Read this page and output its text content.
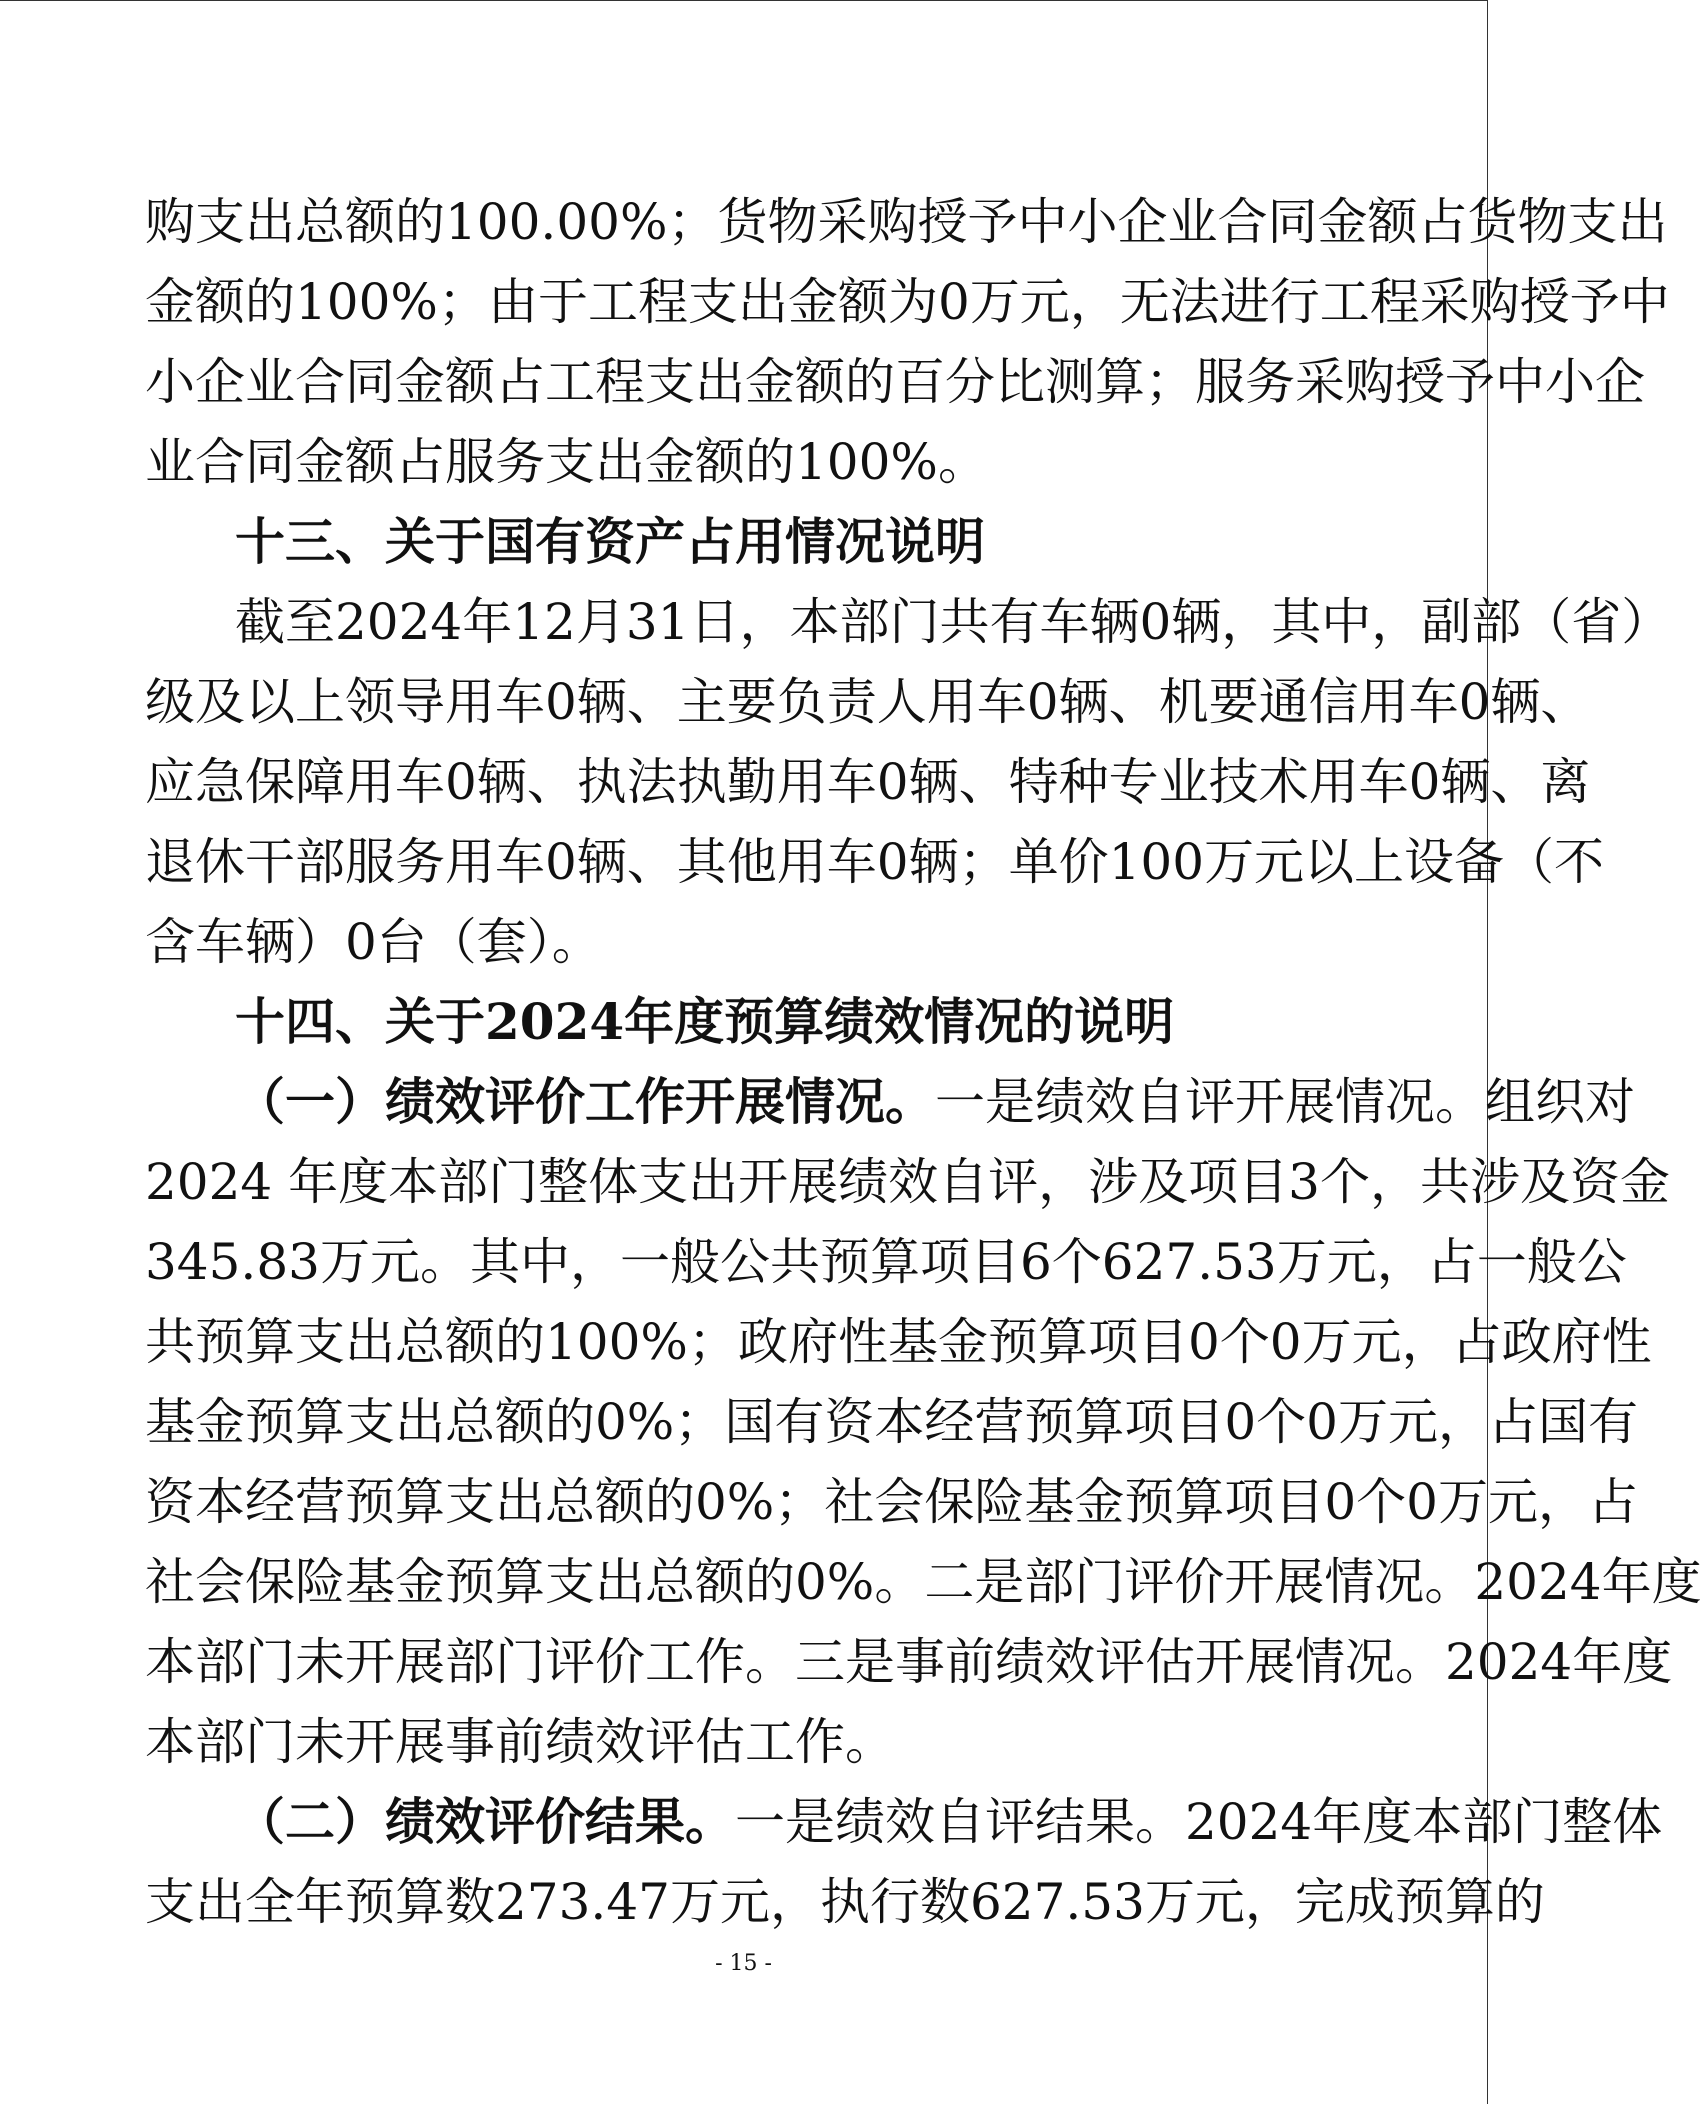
购支出总额的100.00%；货物采购授予中小企业合同金额占货物支出
金额的100%；由于工程支出金额为0万元，无法进行工程采购授予中
小企业合同金额占工程支出金额的百分比测算；服务采购授予中小企
业合同金额占服务支出金额的100%。
十三、关于国有资产占用情况说明
截至2024年12月31日，本部门共有车辆0辆，其中，副部（省）
级及以上领导用车0辆、主要负责人用车0辆、机要通信用车0辆、
应急保障用车0辆、执法执勤用车0辆、特种专业技术用车0辆、离
退休干部服务用车0辆、其他用车0辆；单价100万元以上设备（不
含车辆）0台（套）。
十四、关于2024年度预算绩效情况的说明
（一）绩效评价工作开展情况。一是绩效自评开展情况。组织对
2024 年度本部门整体支出开展绩效自评，涉及项目3个，共涉及资金
345.83万元。其中，一般公共预算项目6个627.53万元，占一般公
共预算支出总额的100%；政府性基金预算项目0个0万元，占政府性
基金预算支出总额的0%；国有资本经营预算项目0个0万元，占国有
资本经营预算支出总额的0%；社会保险基金预算项目0个0万元，占
社会保险基金预算支出总额的0%。二是部门评价开展情况。2024年度
本部门未开展部门评价工作。三是事前绩效评估开展情况。2024年度
本部门未开展事前绩效评估工作。
（二）绩效评价结果。一是绩效自评结果。2024年度本部门整体
支出全年预算数273.47万元，执行数627.53万元，完成预算的
- 15 -
